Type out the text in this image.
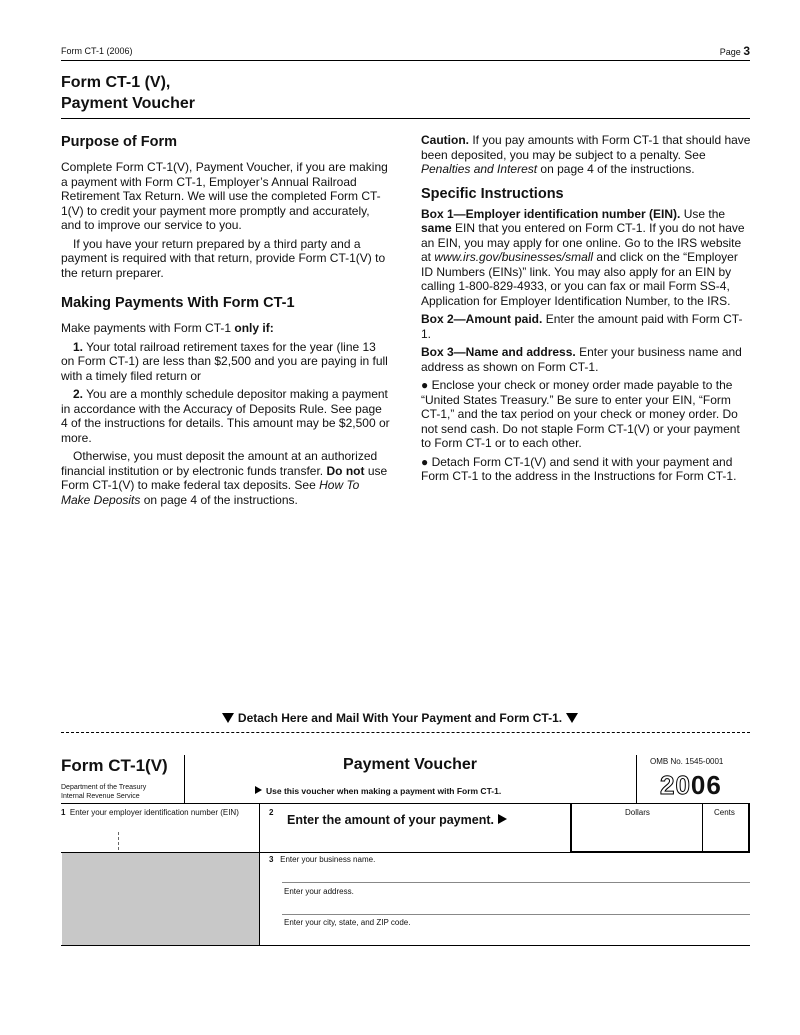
Form CT-1 (2006)	Page 3
Form CT-1 (V),
Payment Voucher
Purpose of Form

Complete Form CT-1(V), Payment Voucher, if you are making a payment with Form CT-1, Employer’s Annual Railroad Retirement Tax Return. We will use the completed Form CT-1(V) to credit your payment more promptly and accurately, and to improve our service to you.

If you have your return prepared by a third party and a payment is required with that return, provide Form CT-1(V) to the return preparer.

Making Payments With Form CT-1

Make payments with Form CT-1 only if:

1. Your total railroad retirement taxes for the year (line 13 on Form CT-1) are less than $2,500 and you are paying in full with a timely filed return or

2. You are a monthly schedule depositor making a payment in accordance with the Accuracy of Deposits Rule. See page 4 of the instructions for details. This amount may be $2,500 or more.

Otherwise, you must deposit the amount at an authorized financial institution or by electronic funds transfer. Do not use Form CT-1(V) to make federal tax deposits. See How To Make Deposits on page 4 of the instructions.

Caution. If you pay amounts with Form CT-1 that should have been deposited, you may be subject to a penalty. See Penalties and Interest on page 4 of the instructions.

Specific Instructions

Box 1—Employer identification number (EIN). Use the same EIN that you entered on Form CT-1. If you do not have an EIN, you may apply for one online. Go to the IRS website at www.irs.gov/businesses/small and click on the “Employer ID Numbers (EINs)” link. You may also apply for an EIN by calling 1-800-829-4933, or you can fax or mail Form SS-4, Application for Employer Identification Number, to the IRS.

Box 2—Amount paid. Enter the amount paid with Form CT-1.

Box 3—Name and address. Enter your business name and address as shown on Form CT-1.

● Enclose your check or money order made payable to the “United States Treasury.” Be sure to enter your EIN, “Form CT-1,” and the tax period on your check or money order. Do not send cash. Do not staple Form CT-1(V) or your payment to Form CT-1 or to each other.

● Detach Form CT-1(V) and send it with your payment and Form CT-1 to the address in the Instructions for Form CT-1.

Detach Here and Mail With Your Payment and Form CT-1.
Form CT-1(V)
Department of the Treasury
Internal Revenue Service
Payment Voucher
Use this voucher when making a payment with Form CT-1.
OMB No. 1545-0001
2006
1 Enter your employer identification number (EIN)	2
Enter the amount of your payment.
Dollars	Cents
3 Enter your business name.
Enter your address.
Enter your city, state, and ZIP code.
